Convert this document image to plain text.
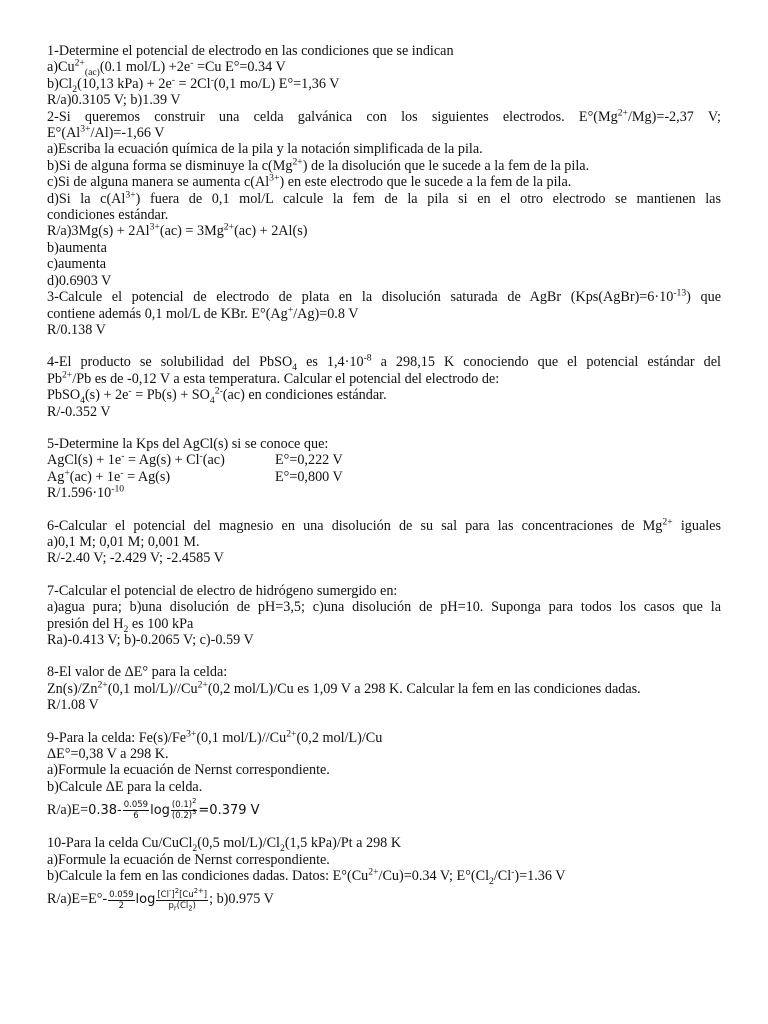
1-Determine el potencial de electrodo en las condiciones que se indican
$a)Cu^{2+}_{(ac)}(0.1$ mol/L) +2e- =Cu E°=0.34 V
$b)Cl_2(10,13$ kPa) + 2e- = 2Cl-(0,1 mo/L) E°=1,36 V
R/a)0.3105 V; b)1.39 V
2-Si queremos construir una celda galvánica con los siguientes electrodos. $E^\circ(Mg^{2+}/Mg)=-2,37$ V;
$E^\circ(Al^{3+}/Al)=-1,66$ V
a)Escriba la ecuación química de la pila y la notación simplificada de la pila.
b)Si de alguna forma se disminuye la $c(Mg^{2+})$ de la disolución que le sucede a la fem de la pila.
c)Si de alguna manera se aumenta $c(Al^{3+})$ en este electrodo que le sucede a la fem de la pila.
d)Si la $c(Al^{3+})$ fuera de 0,1 mol/L calcule la fem de la pila si en el otro electrodo se mantienen las
condiciones estándar.
$R/a)3Mg(s) + 2Al^{3+}(ac) = 3Mg^{2+}(ac) + 2Al(s)$
b)aumenta
c)aumenta
d)0.6903 V
3-Calcule el potencial de electrodo de plata en la disolución saturada de AgBr $(Kps(AgBr)=6\cdot 10^{-13})$ que
contiene además 0,1 mol/L de KBr. E°(Ag+/Ag)=0.8 V
R/0.138 V
4-El producto se solubilidad del PbSO$_4$ es $1,4\cdot 10^{-8}$ a 298,15 K conociendo que el potencial estándar del
$Pb^{2+}/Pb$ es de -0,12 V a esta temperatura. Calcular el potencial del electrodo de:
PbSO$_4$(s) + $2e^- = Pb(s) + SO_4^{2-}(ac)$ en condiciones estándar.
R/-0.352 V
5-Determine la Kps del AgCl(s) si se conoce que:
AgCl(s) + 1e- = Ag(s) + Cl-(ac)	E°=0,222 V
Ag+(ac) + 1e- = Ag(s)	E°=0,800 V
$R/1.596\cdot 10^{-10}$
6-Calcular el potencial del magnesio en una disolución de su sal para las concentraciones de $Mg^{2+}$ iguales
a)0,1 M; 0,01 M; 0,001 M.
R/-2.40 V; -2.429 V; -2.4585 V
7-Calcular el potencial de electro de hidrógeno sumergido en:
a)agua pura; b)una disolución de pH=3,5; c)una disolución de pH=10. Suponga para todos los casos que la
presión del $H_2$ es 100 kPa
Ra)-0.413 V; b)-0.2065 V; c)-0.59 V
8-El valor de ΔE° para la celda:
$Zn(s)/Zn^{2+}(0,1$ mol/$L)//Cu^{2+}(0,2$ mol/L)/Cu es 1,09 V a 298 K. Calcular la fem en las condiciones dadas.
R/1.08 V
9-Para la celda: $Fe(s)/Fe^{3+}(0,1$ mol/$L)//Cu^{2+}(0,2$ mol/L)/Cu
ΔE°=0,38 V a 298 K.
a)Formule la ecuación de Nernst correspondiente.
b)Calcule ΔE para la celda.
$R/a)E=0.38- \frac{0.059}{6}$ $\log \frac{(0.1)^2}{(0.2)^3} =0.379$ V
10-Para la celda Cu/CuCl$_2$(0,5 mol/$L)/Cl_2(1,5$ kPa)/Pt a 298 K
a)Formule la ecuación de Nernst correspondiente.
b)Calcule la fem en las condiciones dadas. Datos: $E^\circ(Cu^{2+}/Cu)=0.34$ V; $E^\circ(Cl_2/Cl^-)=1.36$ V
$R/a)E=E^\circ- \frac{0.059}{2}$ $\log \frac{[Cl^-]^2[Cu^{2+}]}{p_r(Cl_2)}$ ; b)0.975 V
